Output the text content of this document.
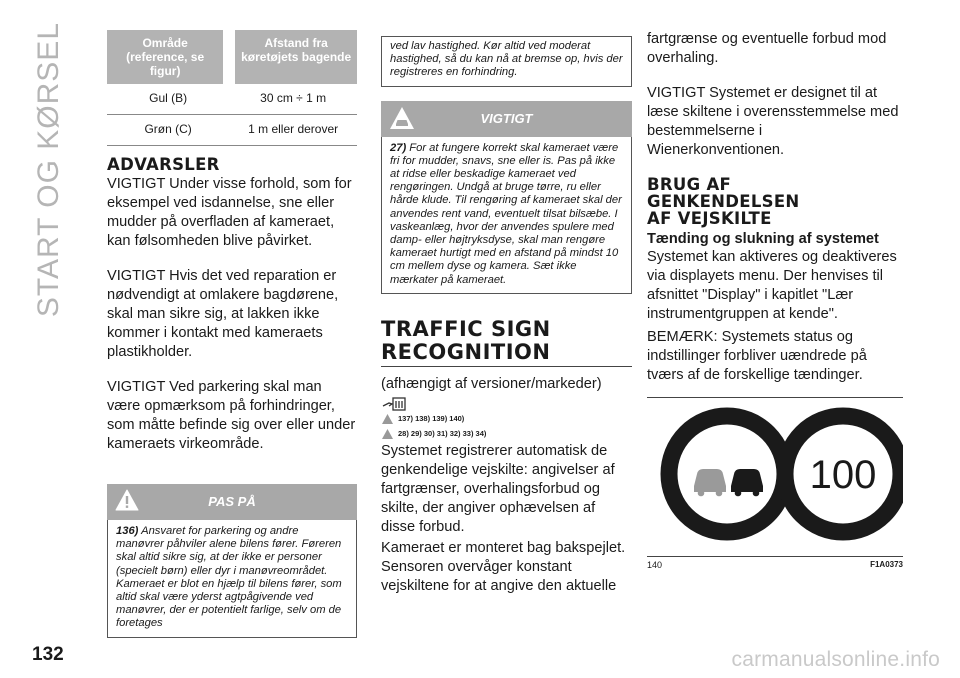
START OG KØRSEL	Område (reference, se figur)	Afstand fra køretøjets bagende
Gul (B)	30 cm ÷ 1 m
Grøn (C)	1 m eller derover
ADVARSLER

VIGTIGT Under visse forhold, som for eksempel ved isdannelse, sne eller mudder på overfladen af kameraet, kan følsomheden blive påvirket.

VIGTIGT Hvis det ved reparation er nødvendigt at omlakere bagdørene, skal man sikre sig, at lakken ikke kommer i kontakt med kameraets plastikholder.

VIGTIGT Ved parkering skal man være opmærksom på forhindringer, som måtte befinde sig over eller under kameraets virkeområde.

PAS PÅ

136) Ansvaret for parkering og andre manøvrer påhviler alene bilens fører. Føreren skal altid sikre sig, at der ikke er personer (specielt børn) eller dyr i manøvreområdet. Kameraet er blot en hjælp til bilens fører, som altid skal være yderst agtpågivende ved manøvrer, der er potentielt farlige, selv om de foretages

ved lav hastighed. Kør altid ved moderat hastighed, så du kan nå at bremse op, hvis der registreres en forhindring.

VIGTIGT

27) For at fungere korrekt skal kameraet være fri for mudder, snavs, sne eller is. Pas på ikke at ridse eller beskadige kameraet ved rengøringen. Undgå at bruge tørre, ru eller hårde klude. Til rengøring af kameraet skal der anvendes rent vand, eventuelt tilsat bilsæbe. I vaskeanlæg, hvor der anvendes spulere med damp- eller højtryksdyse, skal man rengøre kameraet hurtigt med en afstand på mindst 10 cm mellem dyse og kamera. Sæt ikke mærkater på kameraet.

TRAFFIC SIGN
RECOGNITION

(afhængigt af versioner/markeder)

137) 138) 139) 140)
28) 29) 30) 31) 32) 33) 34)

Systemet registrerer automatisk de genkendelige vejskilte: angivelser af fartgrænser, overhalingsforbud og skilte, der angiver ophævelsen af disse forbud.

Kameraet er monteret bag bakspejlet. Sensoren overvåger konstant vejskiltene for at angive den aktuelle

fartgrænse og eventuelle forbud mod overhaling.

VIGTIGT Systemet er designet til at læse skiltene i overensstemmelse med bestemmelserne i Wienerkonventionen.

BRUG AF
GENKENDELSEN
AF VEJSKILTE

Tænding og slukning af systemet

Systemet kan aktiveres og deaktiveres via displayets menu. Der henvises til afsnittet "Display" i kapitlet "Lær instrumentgruppen at kende".

BEMÆRK: Systemets status og indstillinger forbliver uændrede på tværs af de forskellige tændinger.

100
140	F1A0373
132	carmanualsonline.info
